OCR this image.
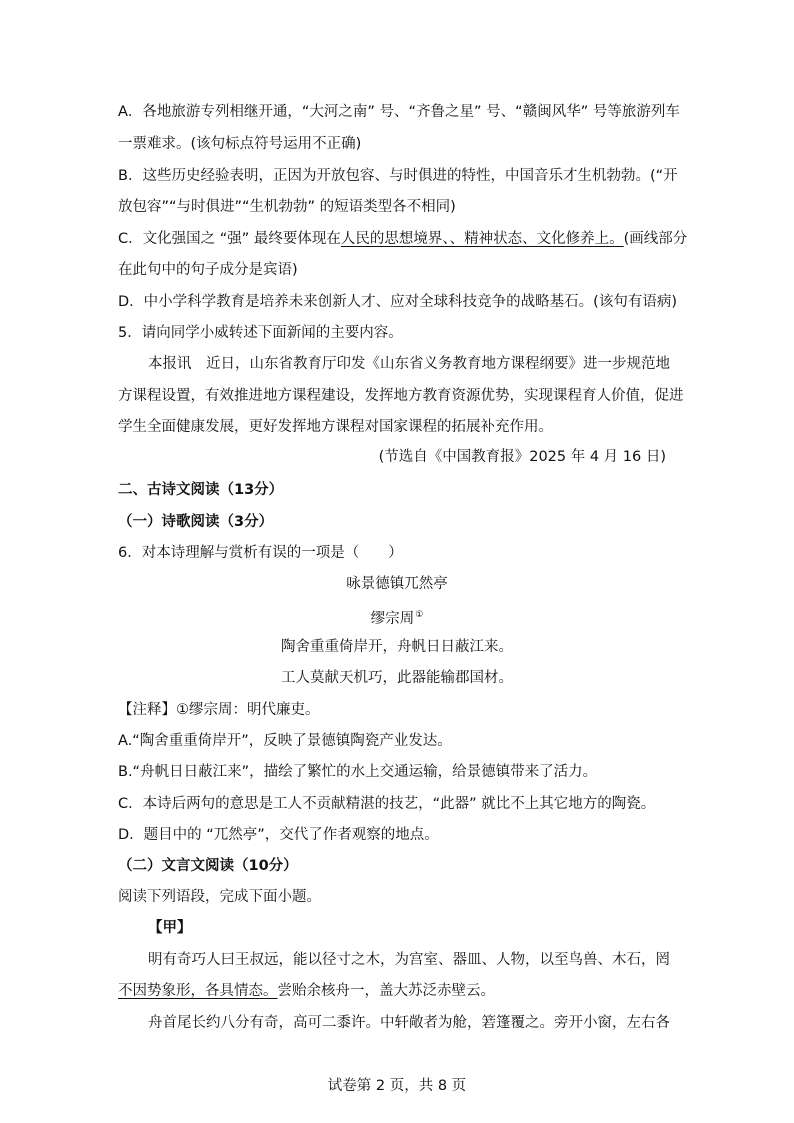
A．各地旅游专列相继开通，“大河之南” 号、“齐鲁之星” 号、“赣闽风华” 号等旅游列车
一票难求。(该句标点符号运用不正确)
B．这些历史经验表明，正因为开放包容、与时俱进的特性，中国音乐才生机勃勃。(“开
放包容”“与时俱进”“生机勃勃” 的短语类型各不相同)
C．文化强国之 “强” 最终要体现在人民的思想境界、、精神状态、文化修养上。(画线部分
在此句中的句子成分是宾语)
D．中小学科学教育是培养未来创新人才、应对全球科技竞争的战略基石。(该句有语病)
5．请向同学小威转述下面新闻的主要内容。
本报讯　近日，山东省教育厅印发《山东省义务教育地方课程纲要》进一步规范地
方课程设置，有效推进地方课程建设，发挥地方教育资源优势，实现课程育人价值，促进
学生全面健康发展，更好发挥地方课程对国家课程的拓展补充作用。
(节选自《中国教育报》2025 年 4 月 16 日)
二、古诗文阅读（13分）
（一）诗歌阅读（3分）
6．对本诗理解与赏析有误的一项是（　　）
咏景德镇兀然亭
缪宗周①
陶舍重重倚岸开，舟帆日日蔽江来。
工人莫献天机巧，此器能输郡国材。
【注释】①缪宗周：明代廉吏。
A.“陶舍重重倚岸开”，反映了景德镇陶瓷产业发达。
B.“舟帆日日蔽江来”，描绘了繁忙的水上交通运输，给景德镇带来了活力。
C．本诗后两句的意思是工人不贡献精湛的技艺，“此器” 就比不上其它地方的陶瓷。
D．题目中的 “兀然亭”，交代了作者观察的地点。
（二）文言文阅读（10分）
阅读下列语段，完成下面小题。
【甲】
明有奇巧人曰王叔远，能以径寸之木，为宫室、器皿、人物，以至鸟兽、木石，罔
不因势象形，各具情态。尝贻余核舟一，盖大苏泛赤壁云。
舟首尾长约八分有奇，高可二黍许。中轩敞者为舱，箬篷覆之。旁开小窗，左右各
试卷第 2 页，共 8 页
